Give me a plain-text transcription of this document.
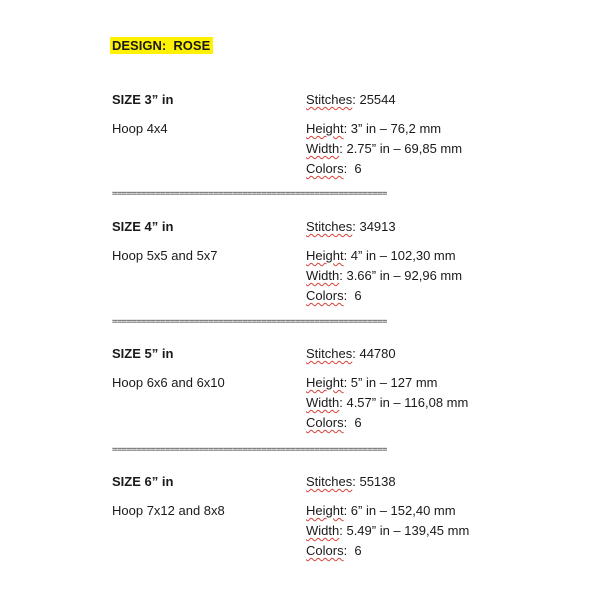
DESIGN:  ROSE
SIZE 3” in
Hoop 4x4
Stitches: 25544
Height: 3” in – 76,2 mm
Width: 2.75” in – 69,85 mm
Colors:  6
=========================================================
SIZE 4” in
Hoop 5x5 and 5x7
Stitches: 34913
Height: 4” in – 102,30 mm
Width: 3.66” in – 92,96 mm
Colors:  6
=========================================================
SIZE 5” in
Hoop 6x6 and 6x10
Stitches: 44780
Height: 5” in – 127 mm
Width: 4.57” in – 116,08 mm
Colors:  6
=========================================================
SIZE 6” in
Hoop 7x12 and 8x8
Stitches: 55138
Height: 6” in – 152,40 mm
Width: 5.49” in – 139,45 mm
Colors:  6
